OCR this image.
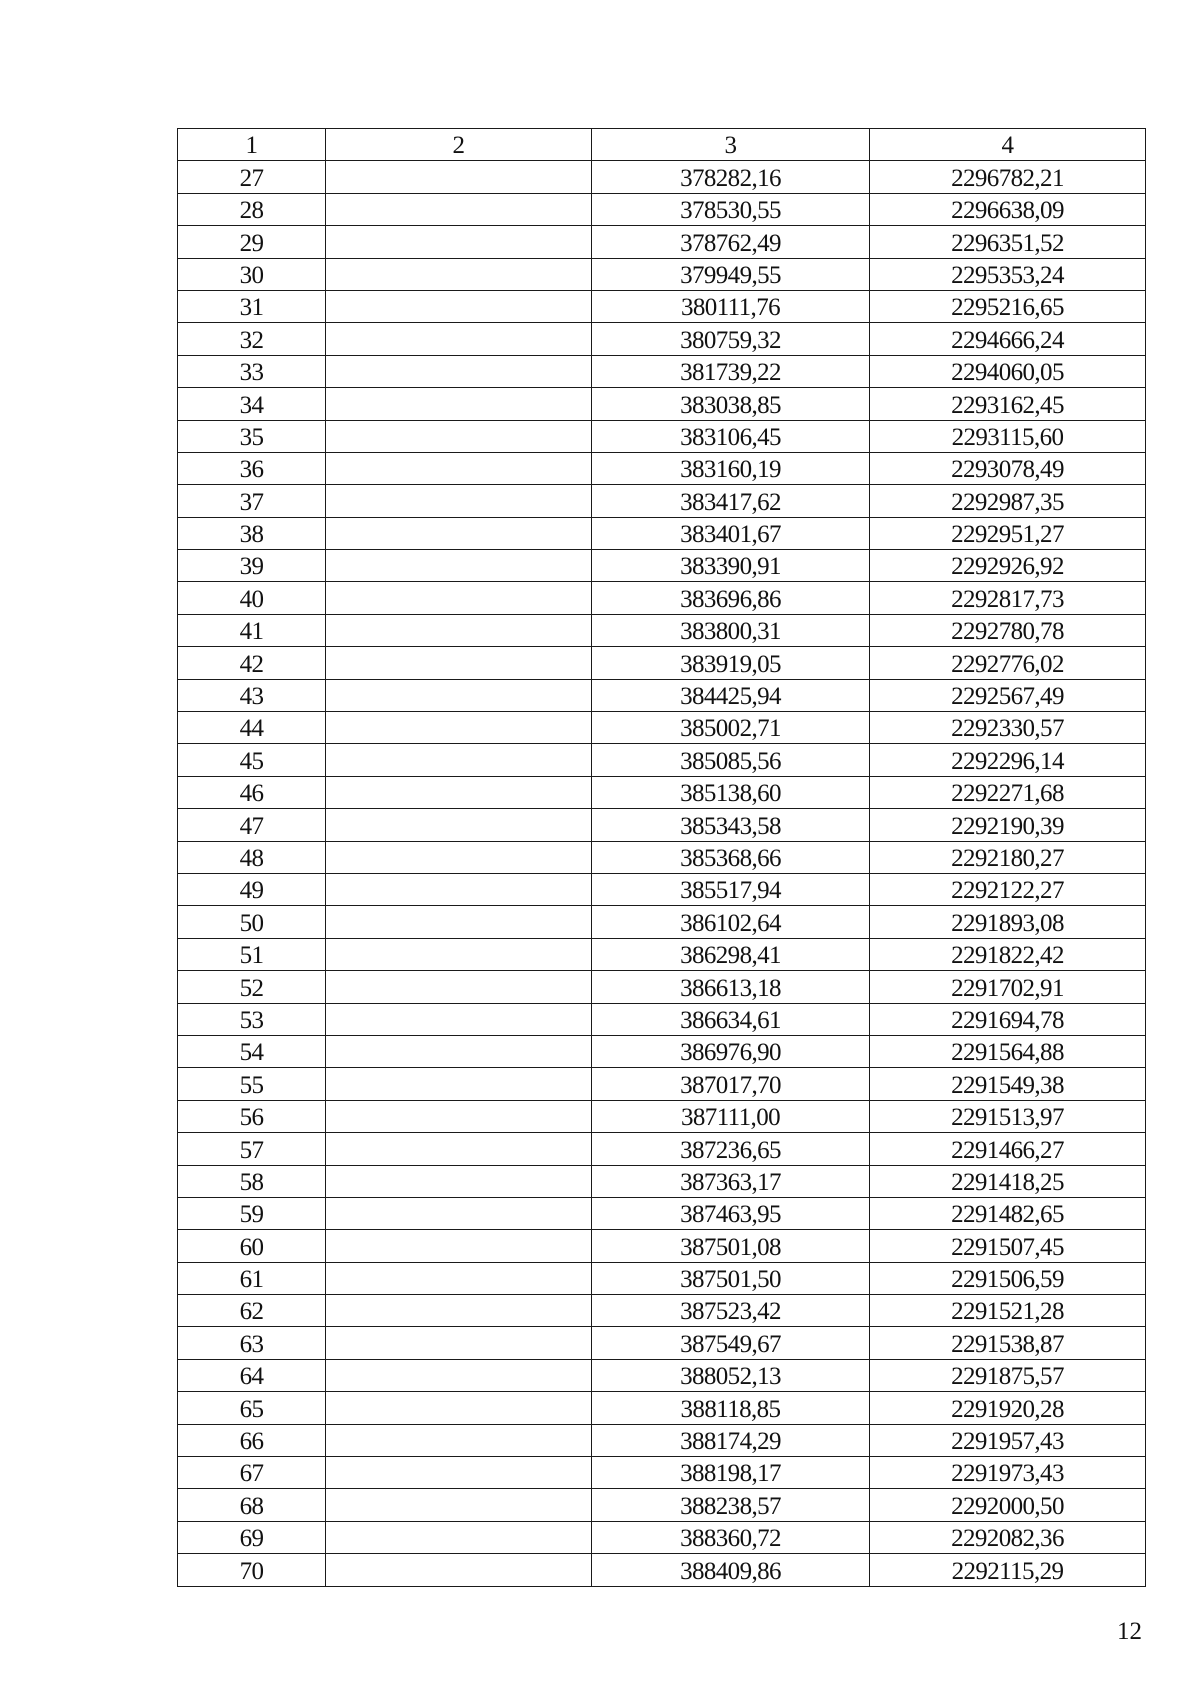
1	2	3	4
27		378282,16	2296782,21
28		378530,55	2296638,09
29		378762,49	2296351,52
30		379949,55	2295353,24
31		380111,76	2295216,65
32		380759,32	2294666,24
33		381739,22	2294060,05
34		383038,85	2293162,45
35		383106,45	2293115,60
36		383160,19	2293078,49
37		383417,62	2292987,35
38		383401,67	2292951,27
39		383390,91	2292926,92
40		383696,86	2292817,73
41		383800,31	2292780,78
42		383919,05	2292776,02
43		384425,94	2292567,49
44		385002,71	2292330,57
45		385085,56	2292296,14
46		385138,60	2292271,68
47		385343,58	2292190,39
48		385368,66	2292180,27
49		385517,94	2292122,27
50		386102,64	2291893,08
51		386298,41	2291822,42
52		386613,18	2291702,91
53		386634,61	2291694,78
54		386976,90	2291564,88
55		387017,70	2291549,38
56		387111,00	2291513,97
57		387236,65	2291466,27
58		387363,17	2291418,25
59		387463,95	2291482,65
60		387501,08	2291507,45
61		387501,50	2291506,59
62		387523,42	2291521,28
63		387549,67	2291538,87
64		388052,13	2291875,57
65		388118,85	2291920,28
66		388174,29	2291957,43
67		388198,17	2291973,43
68		388238,57	2292000,50
69		388360,72	2292082,36
70		388409,86	2292115,29
12
